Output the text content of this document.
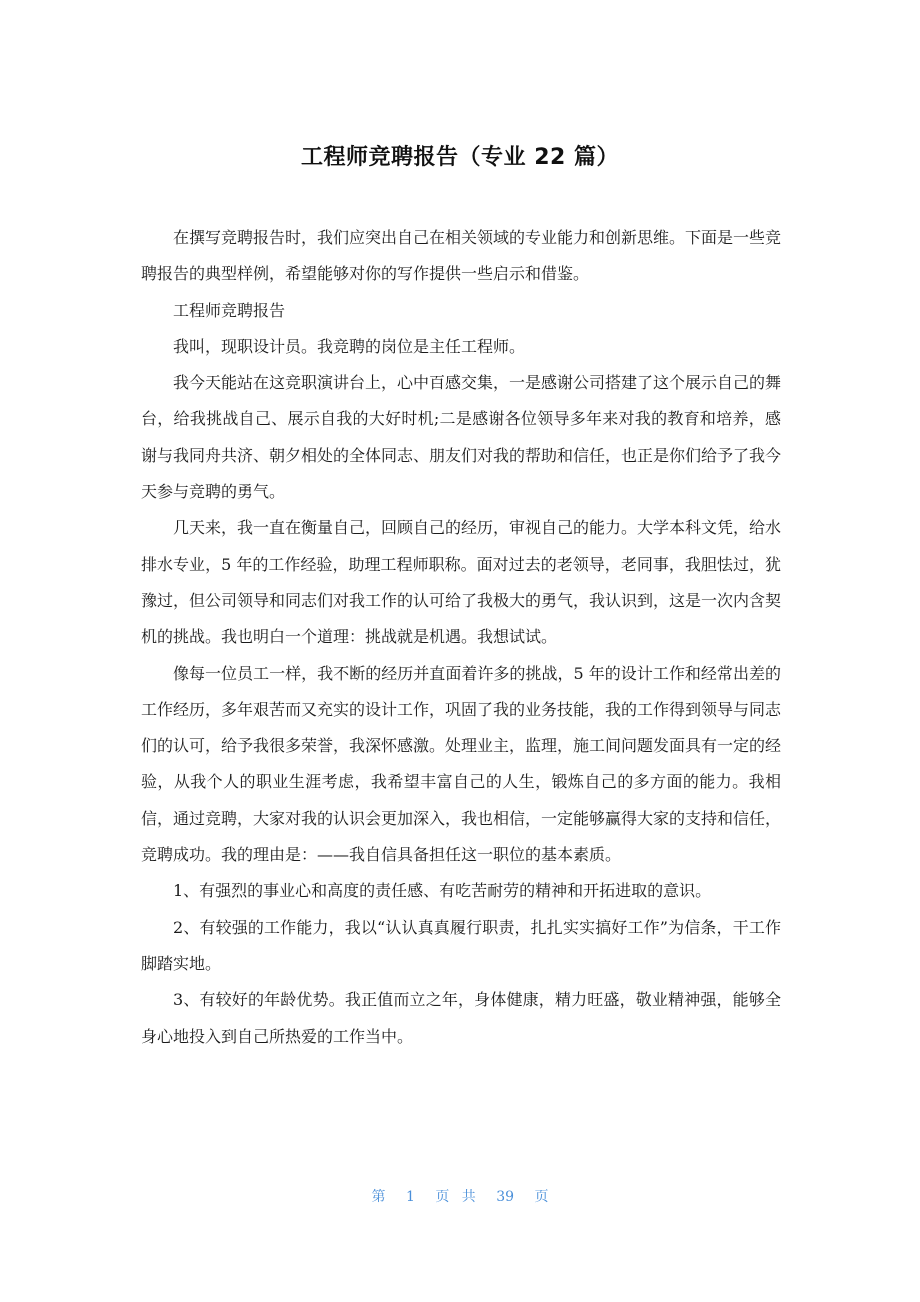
工程师竞聘报告（专业 22 篇）

在撰写竞聘报告时，我们应突出自己在相关领域的专业能力和创新思维。下面是一些竞聘报告的典型样例，希望能够对你的写作提供一些启示和借鉴。

工程师竞聘报告

我叫，现职设计员。我竞聘的岗位是主任工程师。

我今天能站在这竞职演讲台上，心中百感交集，一是感谢公司搭建了这个展示自己的舞台，给我挑战自己、展示自我的大好时机;二是感谢各位领导多年来对我的教育和培养，感谢与我同舟共济、朝夕相处的全体同志、朋友们对我的帮助和信任，也正是你们给予了我今天参与竞聘的勇气。

几天来，我一直在衡量自己，回顾自己的经历，审视自己的能力。大学本科文凭，给水排水专业，5 年的工作经验，助理工程师职称。面对过去的老领导，老同事，我胆怯过，犹豫过，但公司领导和同志们对我工作的认可给了我极大的勇气，我认识到，这是一次内含契机的挑战。我也明白一个道理：挑战就是机遇。我想试试。

像每一位员工一样，我不断的经历并直面着许多的挑战，5 年的设计工作和经常出差的工作经历，多年艰苦而又充实的设计工作，巩固了我的业务技能，我的工作得到领导与同志们的认可，给予我很多荣誉，我深怀感激。处理业主，监理，施工间问题发面具有一定的经验，从我个人的职业生涯考虑，我希望丰富自己的人生，锻炼自己的多方面的能力。我相信，通过竞聘，大家对我的认识会更加深入，我也相信，一定能够赢得大家的支持和信任，竞聘成功。我的理由是：——我自信具备担任这一职位的基本素质。

1、有强烈的事业心和高度的责任感、有吃苦耐劳的精神和开拓进取的意识。

2、有较强的工作能力，我以“认认真真履行职责，扎扎实实搞好工作”为信条，干工作脚踏实地。

3、有较好的年龄优势。我正值而立之年，身体健康，精力旺盛，敬业精神强，能够全身心地投入到自己所热爱的工作当中。

第 1 页 共 39 页
